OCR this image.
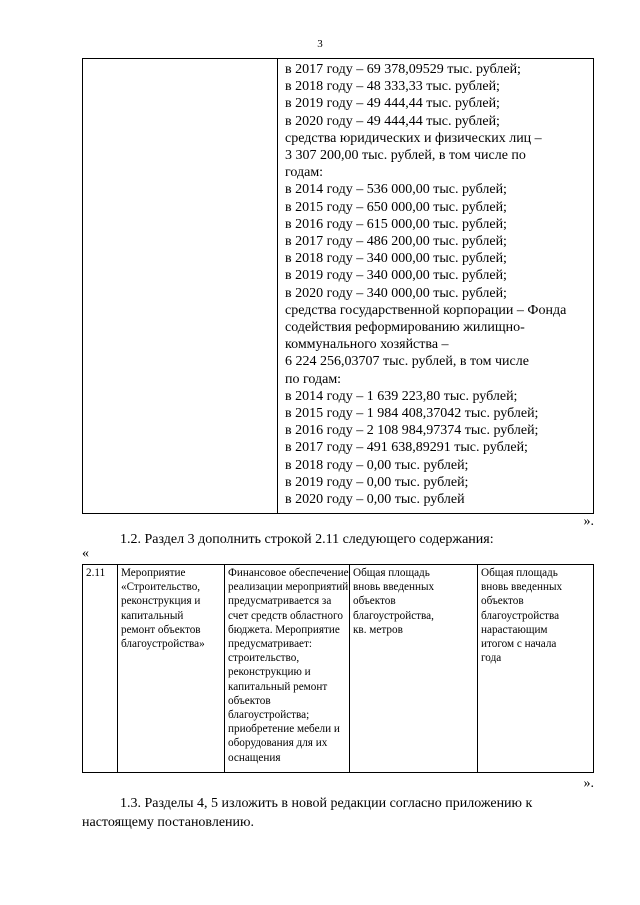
3
в 2017 году – 69 378,09529 тыс. рублей;
в 2018 году – 48 333,33 тыс. рублей;
в 2019 году – 49 444,44 тыс. рублей;
в 2020 году – 49 444,44 тыс. рублей;
средства юридических и физических лиц –
3 307 200,00 тыс. рублей, в том числе по
годам:
в 2014 году – 536 000,00 тыс. рублей;
в 2015 году – 650 000,00 тыс. рублей;
в 2016 году – 615 000,00 тыс. рублей;
в 2017 году – 486 200,00 тыс. рублей;
в 2018 году – 340 000,00 тыс. рублей;
в 2019 году – 340 000,00 тыс. рублей;
в 2020 году – 340 000,00 тыс. рублей;
средства государственной корпорации – Фонда
содействия реформированию жилищно-
коммунального хозяйства –
6 224 256,03707 тыс. рублей, в том числе
по годам:
в 2014 году – 1 639 223,80 тыс. рублей;
в 2015 году – 1 984 408,37042 тыс. рублей;
в 2016 году – 2 108 984,97374 тыс. рублей;
в 2017 году – 491 638,89291 тыс. рублей;
в 2018 году – 0,00 тыс. рублей;
в 2019 году – 0,00 тыс. рублей;
в 2020 году – 0,00 тыс. рублей
».
1.2. Раздел 3 дополнить строкой 2.11 следующего содержания:
«
2.11	Мероприятие
«Строительство,
реконструкция и
капитальный
ремонт объектов
благоустройства»
Финансовое обеспечение
реализации мероприятий
предусматривается за
счет средств областного
бюджета. Мероприятие
предусматривает:
строительство,
реконструкцию и
капитальный ремонт
объектов
благоустройства;
приобретение мебели и
оборудования для их
оснащения
Общая площадь
вновь введенных
объектов
благоустройства,
кв. метров
Общая площадь
вновь введенных
объектов
благоустройства
нарастающим
итогом с начала
года
».
1.3. Разделы 4, 5 изложить в новой редакции согласно приложению к
настоящему постановлению.
